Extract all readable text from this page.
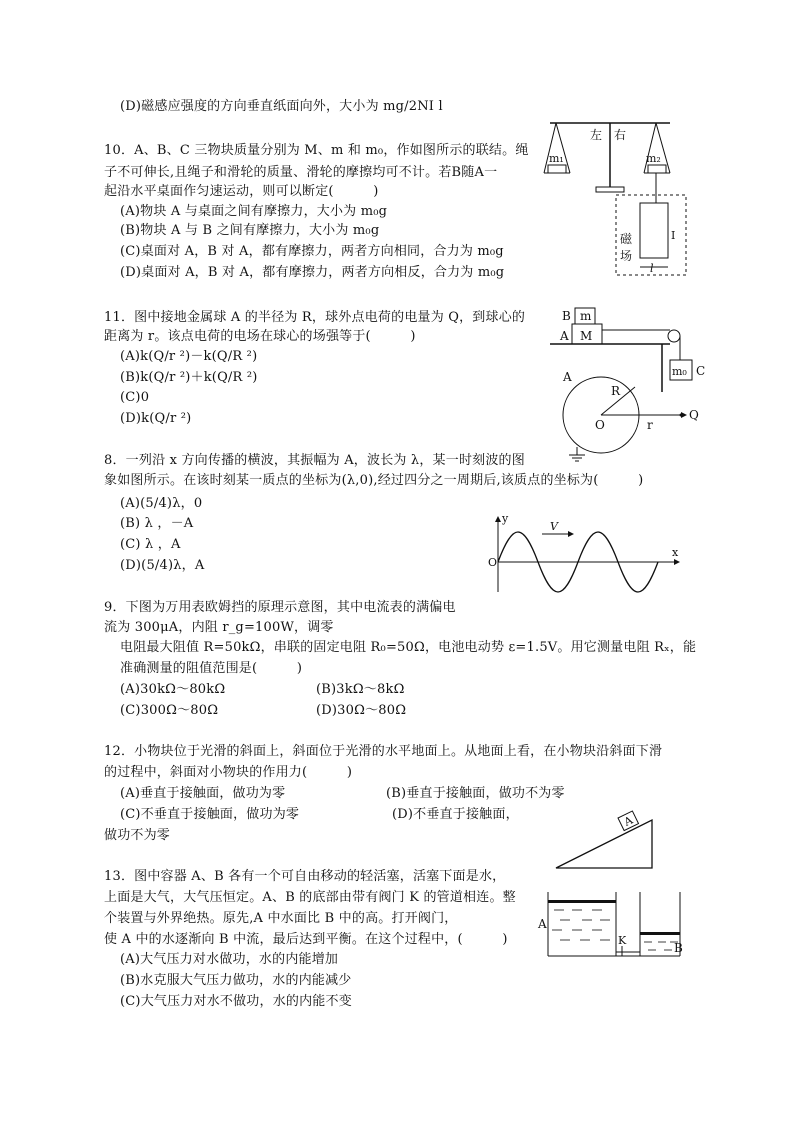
(D)磁感应强度的方向垂直纸面向外，大小为 mg/2NI l
10．A、B、C 三物块质量分别为 M、m 和 m₀，作如图所示的联结。绳
子不可伸长,且绳子和滑轮的质量、滑轮的摩擦均可不计。若B随A一
起沿水平桌面作匀速运动，则可以断定(　　　)
(A)物块 A 与桌面之间有摩擦力，大小为 m₀g
(B)物块 A 与 B 之间有摩擦力，大小为 m₀g
(C)桌面对 A，B 对 A，都有摩擦力，两者方向相同，合力为 m₀g
(D)桌面对 A，B 对 A，都有摩擦力，两者方向相反，合力为 m₀g
11．图中接地金属球 A 的半径为 R，球外点电荷的电量为 Q，到球心的
距离为 r。该点电荷的电场在球心的场强等于(　　　)
(A)k(Q/r ²)－k(Q/R ²)
(B)k(Q/r ²)＋k(Q/R ²)
(C)0
(D)k(Q/r ²)
8．一列沿 x 方向传播的横波，其振幅为 A，波长为 λ，某一时刻波的图
象如图所示。在该时刻某一质点的坐标为(λ,0),经过四分之一周期后,该质点的坐标为(　　　)
(A)(5/4)λ，0
(B) λ ，－A
(C) λ ，A
(D)(5/4)λ，A
9．下图为万用表欧姆挡的原理示意图，其中电流表的满偏电
流为 300μA，内阻 r_g=100W，调零
电阻最大阻值 R=50kΩ，串联的固定电阻 R₀=50Ω，电池电动势 ε=1.5V。用它测量电阻 Rₓ，能
准确测量的阻值范围是(　　　)
(A)30kΩ～80kΩ	(B)3kΩ～8kΩ
(C)300Ω～80Ω	(D)30Ω～80Ω
12．小物块位于光滑的斜面上，斜面位于光滑的水平地面上。从地面上看，在小物块沿斜面下滑
的过程中，斜面对小物块的作用力(　　　)
(A)垂直于接触面，做功为零	(B)垂直于接触面，做功不为零
(C)不垂直于接触面，做功为零	(D)不垂直于接触面，
做功不为零
13．图中容器 A、B 各有一个可自由移动的轻活塞，活塞下面是水，
上面是大气，大气压恒定。A、B 的底部由带有阀门 K 的管道相连。整
个装置与外界绝热。原先,A 中水面比 B 中的高。打开阀门，
使 A 中的水逐渐向 B 中流，最后达到平衡。在这个过程中，(　　　)
(A)大气压力对水做功，水的内能增加
(B)水克服大气压力做功，水的内能减少
(C)大气压力对水不做功，水的内能不变
m₁	m₂
左 右
磁
场
I
l
B m
A M
m₀ C
A
R
O	r
Q
y
x
O
V
A
K
A
B
